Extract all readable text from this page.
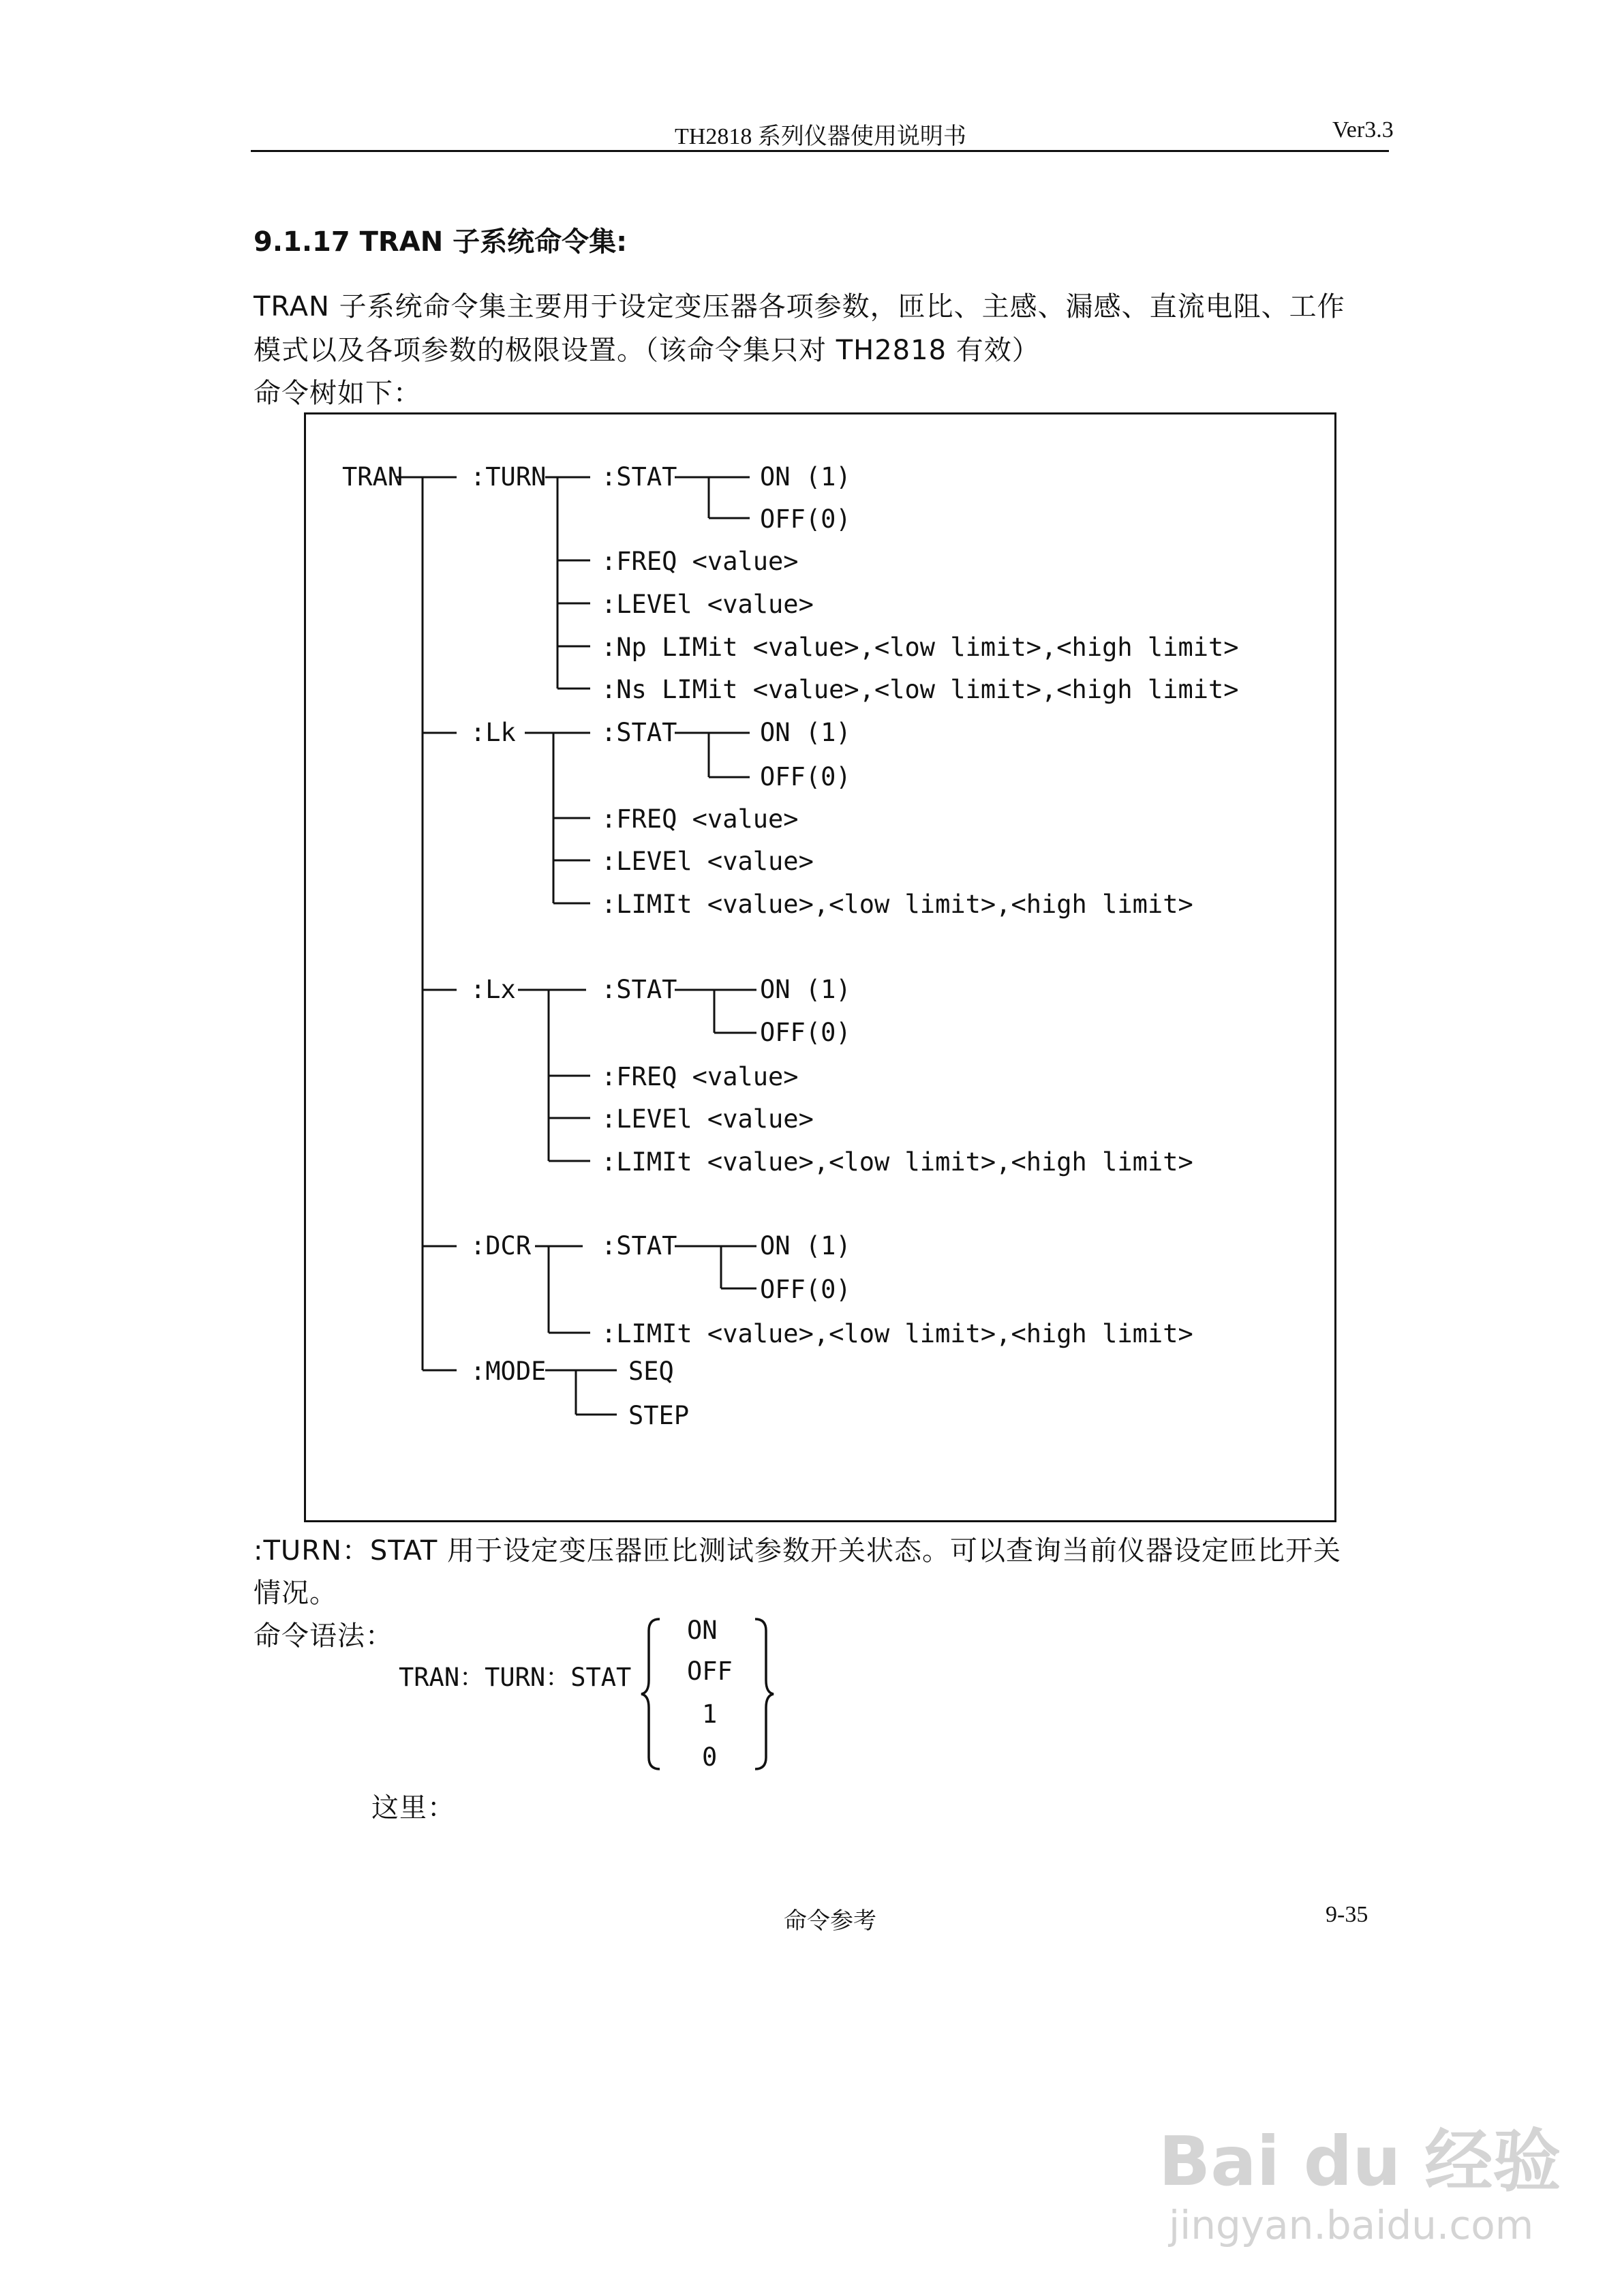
TH2818 系列仪器使用说明书	Ver3.3
9.1.17 TRAN 子系统命令集:
TRAN 子系统命令集主要用于设定变压器各项参数，匝比、主感、漏感、直流电阻、工作
模式以及各项参数的极限设置。（该命令集只对 TH2818 有效）
命令树如下：
TRAN	:TURN :STAT	ON (1)
OFF(0)
:FREQ <value>
:LEVEl <value>
:Np LIMit <value>,<low limit>,<high limit>
:Ns LIMit <value>,<low limit>,<high limit>
:Lk	:STAT	ON (1)
OFF(0)
:FREQ <value>
:LEVEl <value>
:LIMIt <value>,<low limit>,<high limit>
:Lx	:STAT	ON (1)
OFF(0)
:FREQ <value>
:LEVEl <value>
:LIMIt <value>,<low limit>,<high limit>
:DCR	:STAT	ON (1)
OFF(0)
:LIMIt <value>,<low limit>,<high limit>
:MODE	SEQ
STEP
:TURN：STAT 用于设定变压器匝比测试参数开关状态。可以查询当前仪器设定匝比开关
情况。
命令语法：
TRAN：TURN：STAT
ON
OFF
1
0
这里：
命令参考	9-35
Bai du 经验
jingyan.baidu.com
